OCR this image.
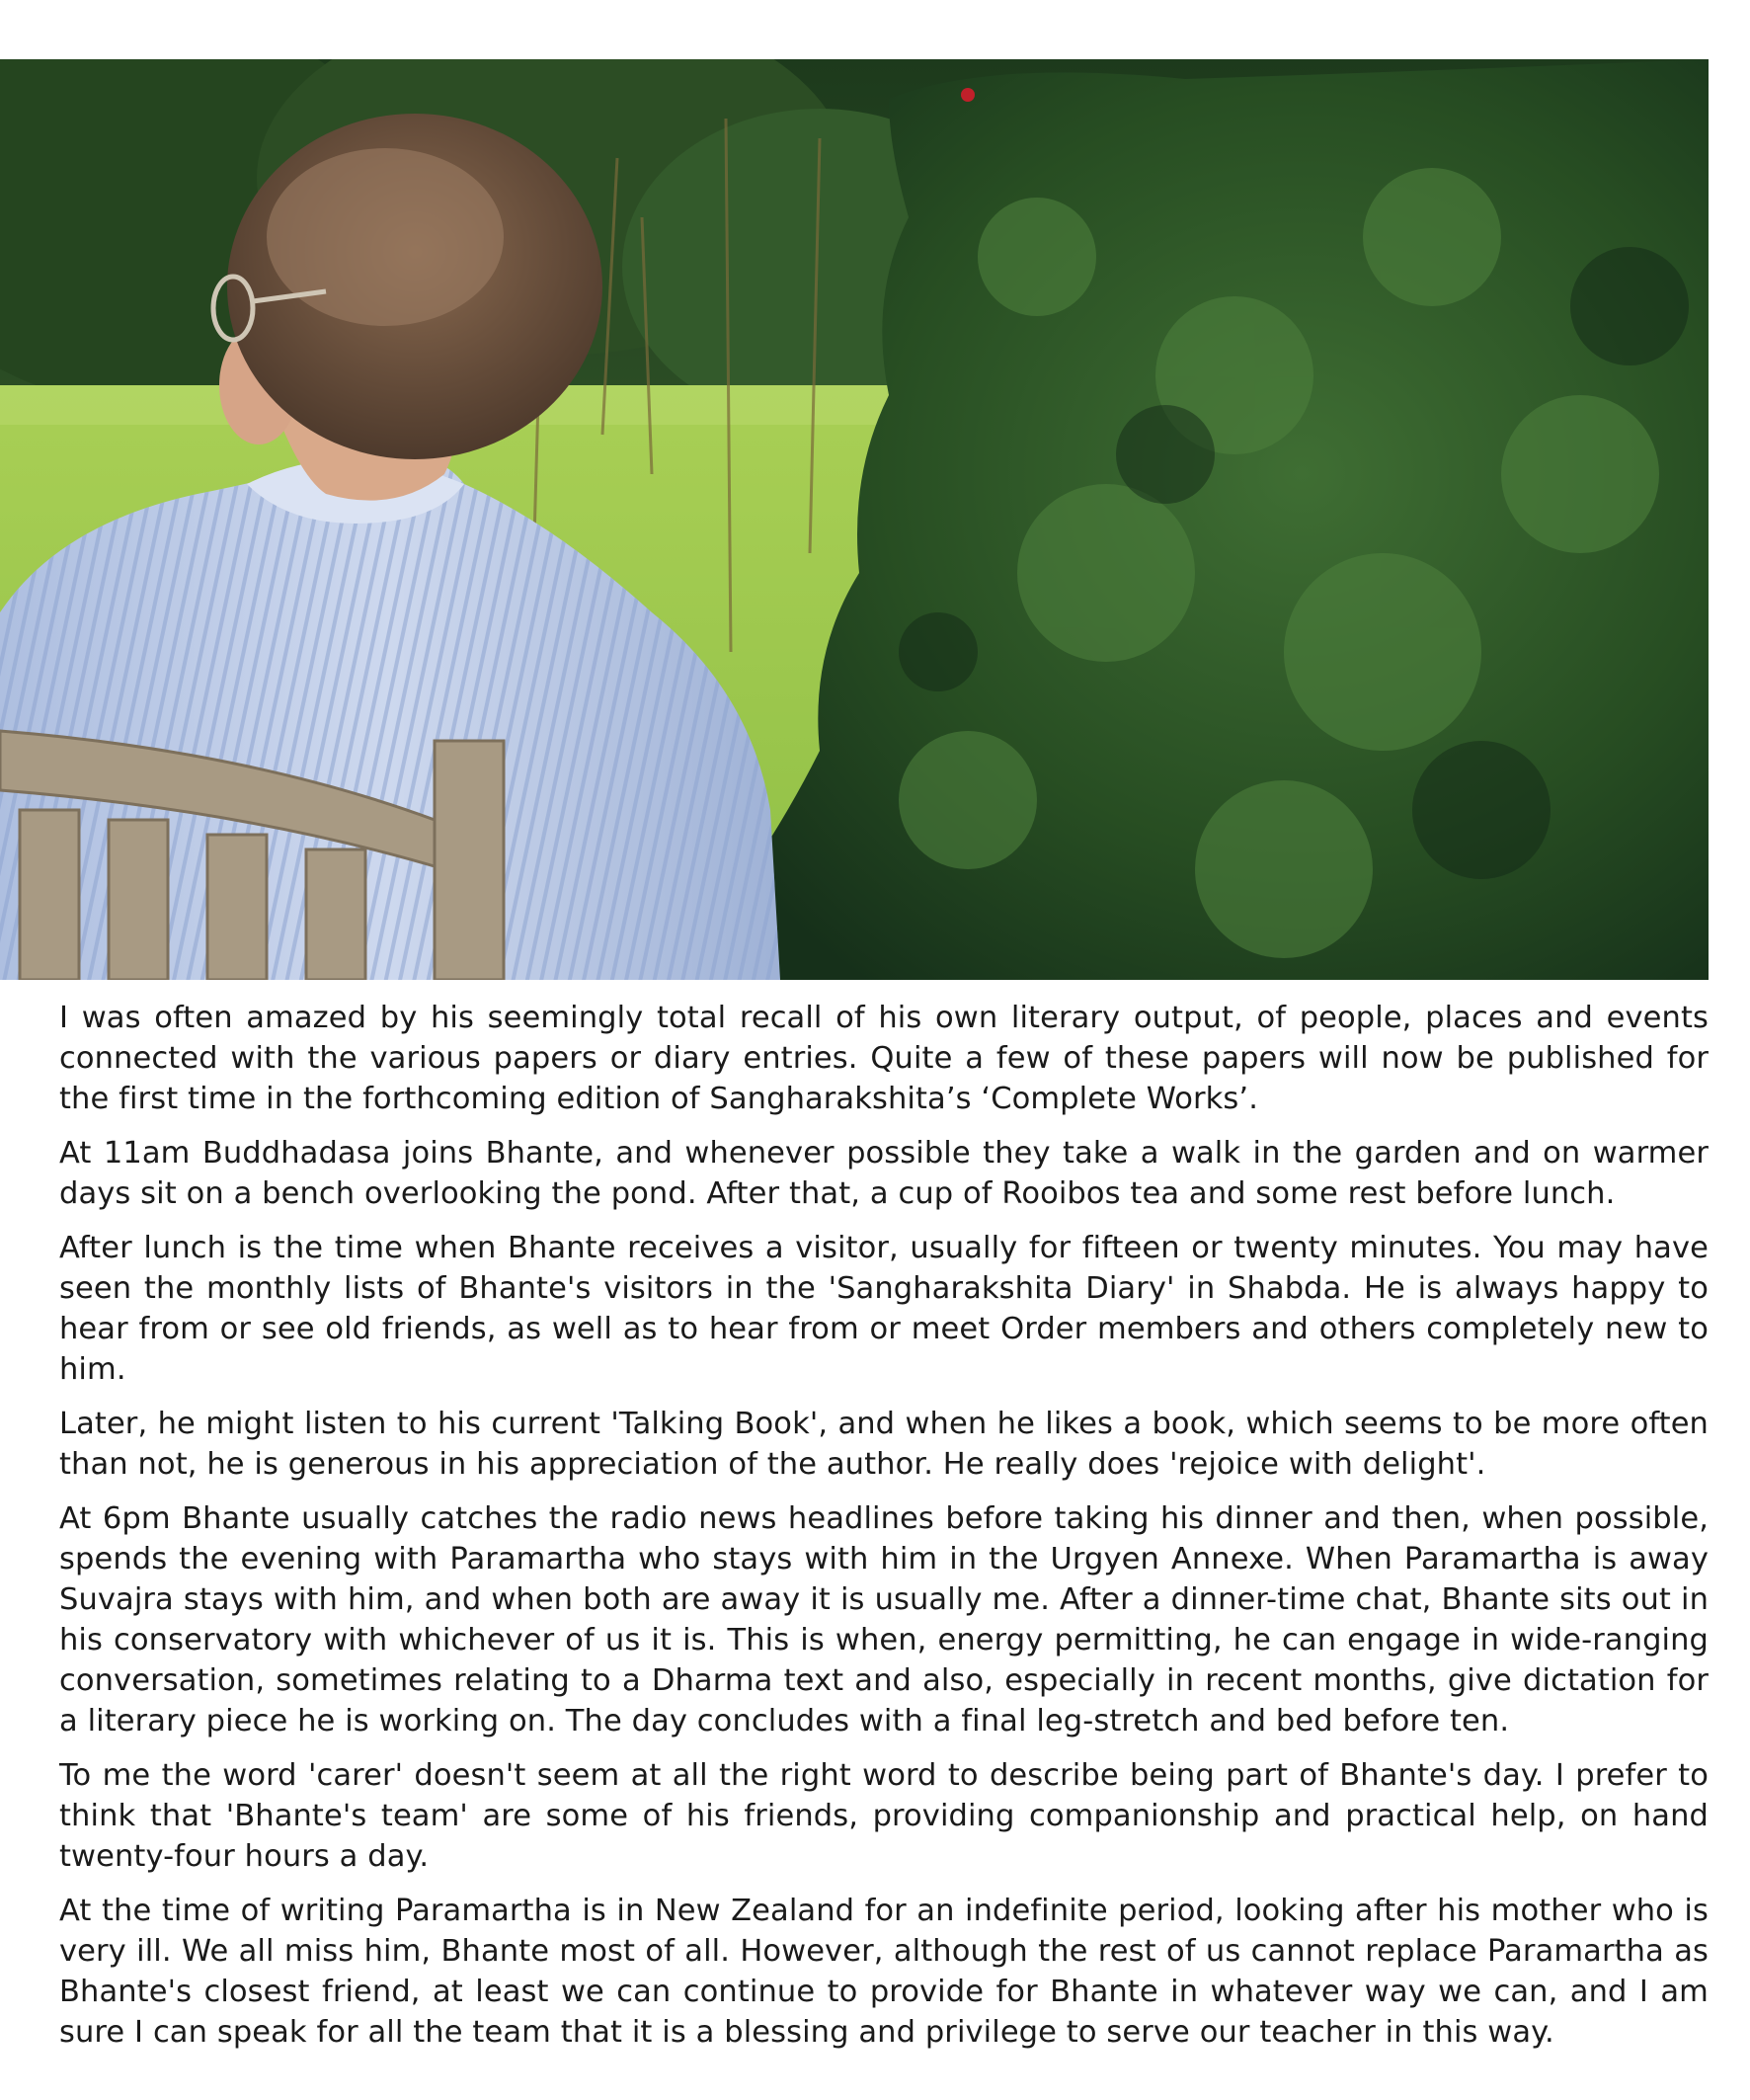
I was often amazed by his seemingly total recall of his own literary output, of people, places and events connected with the various papers or diary entries. Quite a few of these papers will now be published for the first time in the forthcoming edition of Sangharakshita’s ‘Complete Works’.

At 11am Buddhadasa joins Bhante, and whenever possible they take a walk in the garden and on warmer days sit on a bench overlooking the pond. After that, a cup of Rooibos tea and some rest before lunch.

After lunch is the time when Bhante receives a visitor, usually for fifteen or twenty minutes. You may have seen the monthly lists of Bhante's visitors in the 'Sangharakshita Diary' in Shabda. He is always happy to hear from or see old friends, as well as to hear from or meet Order members and others completely new to him.

Later, he might listen to his current 'Talking Book', and when he likes a book, which seems to be more often than not, he is generous in his appreciation of the author. He really does 'rejoice with delight'.

At 6pm Bhante usually catches the radio news headlines before taking his dinner and then, when possible, spends the evening with Paramartha who stays with him in the Urgyen Annexe. When Paramartha is away Suvajra stays with him, and when both are away it is usually me. After a dinner-time chat, Bhante sits out in his conservatory with whichever of us it is. This is when, energy permitting, he can engage in wide-ranging conversation, sometimes relating to a Dharma text and also, especially in recent months, give dictation for a literary piece he is working on. The day concludes with a final leg-stretch and bed before ten.

To me the word 'carer' doesn't seem at all the right word to describe being part of Bhante's day. I prefer to think that 'Bhante's team' are some of his friends, providing companionship and practical help, on hand twenty-four hours a day.

At the time of writing Paramartha is in New Zealand for an indefinite period, looking after his mother who is very ill. We all miss him, Bhante most of all. However, although the rest of us cannot replace Paramartha as Bhante's closest friend, at least we can continue to provide for Bhante in whatever way we can, and I am sure I can speak for all the team that it is a blessing and privilege to serve our teacher in this way.
